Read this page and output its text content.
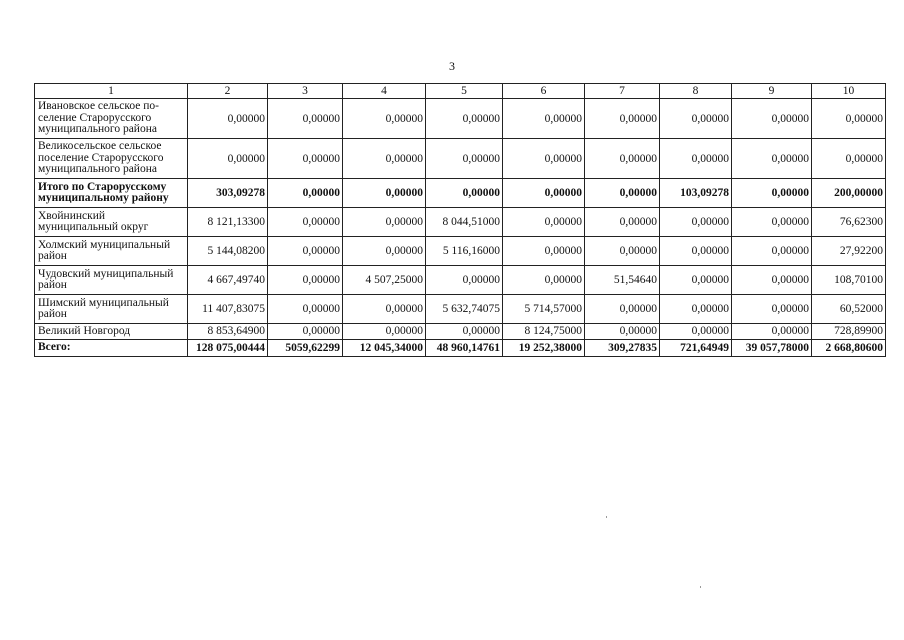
3
1	2	3	4	5	6	7	8	9	10
Ивановское сельское по-селение Старорусского муниципального района	0,00000	0,00000	0,00000	0,00000	0,00000	0,00000	0,00000	0,00000	0,00000
Великосельское сельское поселение Старорусского муниципального района	0,00000	0,00000	0,00000	0,00000	0,00000	0,00000	0,00000	0,00000	0,00000
Итого по Старорусскому муниципальному району	303,09278	0,00000	0,00000	0,00000	0,00000	0,00000	103,09278	0,00000	200,00000
Хвойнинский муниципальный округ	8 121,13300	0,00000	0,00000	8 044,51000	0,00000	0,00000	0,00000	0,00000	76,62300
Холмский муниципальный район	5 144,08200	0,00000	0,00000	5 116,16000	0,00000	0,00000	0,00000	0,00000	27,92200
Чудовский муниципальный район	4 667,49740	0,00000	4 507,25000	0,00000	0,00000	51,54640	0,00000	0,00000	108,70100
Шимский муниципальный район	11 407,83075	0,00000	0,00000	5 632,74075	5 714,57000	0,00000	0,00000	0,00000	60,52000
Великий Новгород	8 853,64900	0,00000	0,00000	0,00000	8 124,75000	0,00000	0,00000	0,00000	728,89900
Всего:	128 075,00444	5059,62299	12 045,34000	48 960,14761	19 252,38000	309,27835	721,64949	39 057,78000	2 668,80600
